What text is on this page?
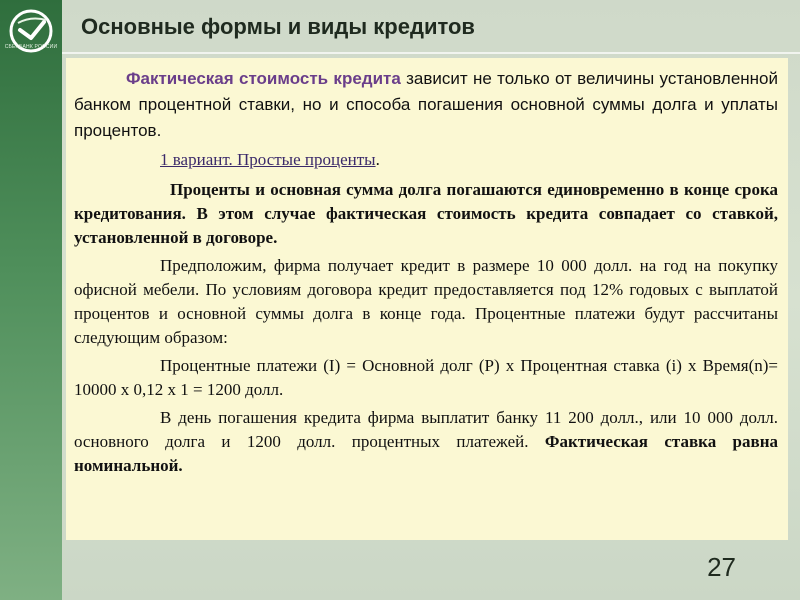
СБЕРБАНК РОССИИ
Основные формы и виды кредитов

Фактическая стоимость кредита зависит не только от величины установленной банком процентной ставки, но и способа погашения основной суммы долга и уплаты процентов.

1 вариант. Простые проценты.

Проценты и основная сумма долга погашаются единовременно в конце срока кредитования. В этом случае фактическая стоимость кредита совпадает со ставкой, установленной в договоре.

Предположим, фирма получает кредит в размере 10 000 долл. на год на покупку офисной мебели. По условиям договора кредит предоставляется под 12% годовых с выплатой процентов и основной суммы долга в конце года. Процентные платежи будут рассчитаны следующим образом:

Процентные платежи (I) = Основной долг (P) х Процентная ставка (i) х Время(n)= 10000 х 0,12 х 1 = 1200 долл.

В день погашения кредита фирма выплатит банку 11 200 долл., или 10 000 долл. основного долга и 1200 долл. процентных платежей. Фактическая ставка равна номинальной.

27
